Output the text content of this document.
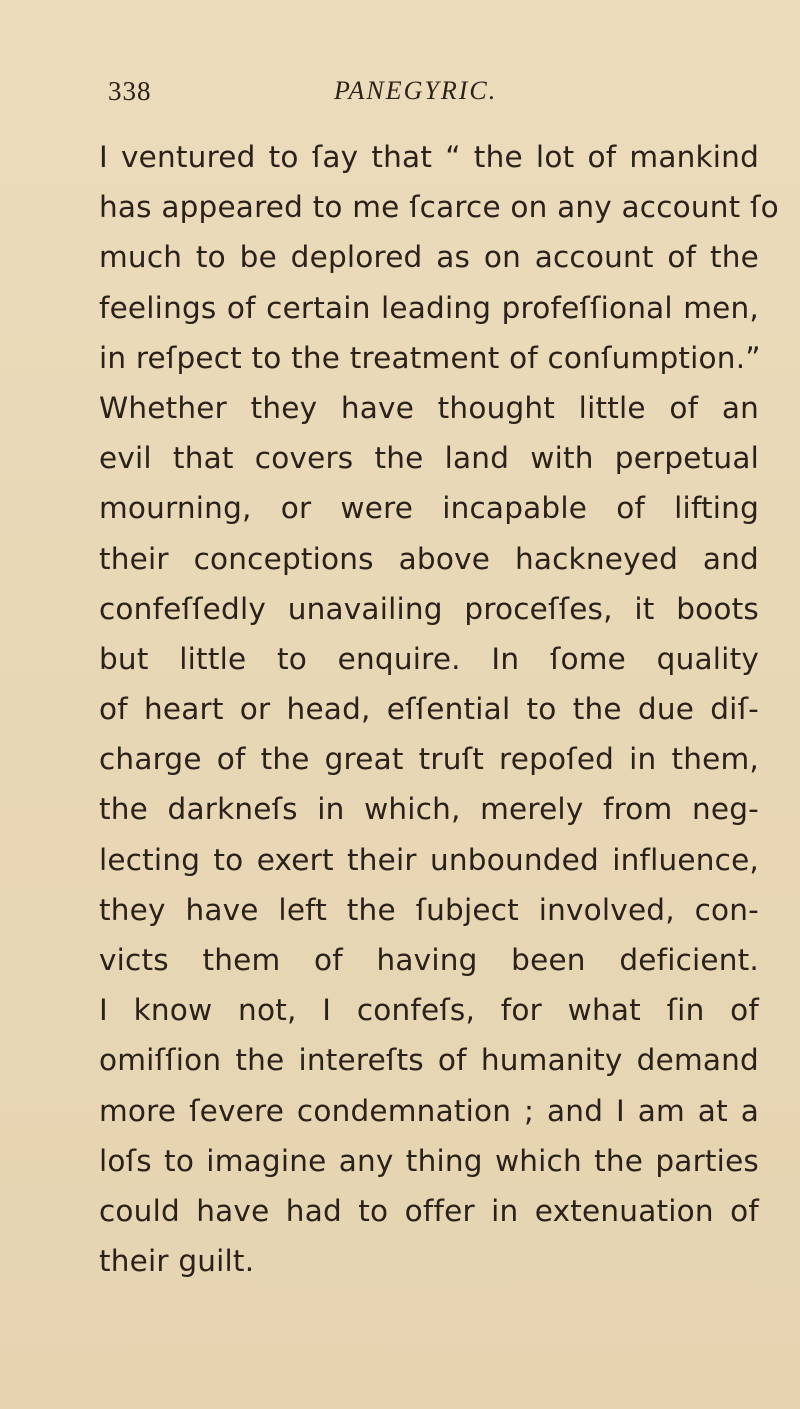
338	PANEGYRIC.
I ventured to ſay that “ the lot of mankind
has appeared to me ſcarce on any account ſo
much to be deplored as on account of the
feelings of certain leading profeſſional men,
in reſpect to the treatment of conſumption.”
Whether they have thought little of an
evil that covers the land with perpetual
mourning, or were incapable of lifting
their conceptions above hackneyed and
confeſſedly unavailing proceſſes, it boots
but little to enquire. In ſome quality
of heart or head, eſſential to the due diſ-
charge of the great truſt repoſed in them,
the darkneſs in which, merely from neg-
lecting to exert their unbounded influence,
they have left the ſubject involved, con-
victs them of having been deficient.
I know not, I confeſs, for what ſin of
omiſſion the intereſts of humanity demand
more ſevere condemnation ; and I am at a
loſs to imagine any thing which the parties
could have had to offer in extenuation of
their guilt.
